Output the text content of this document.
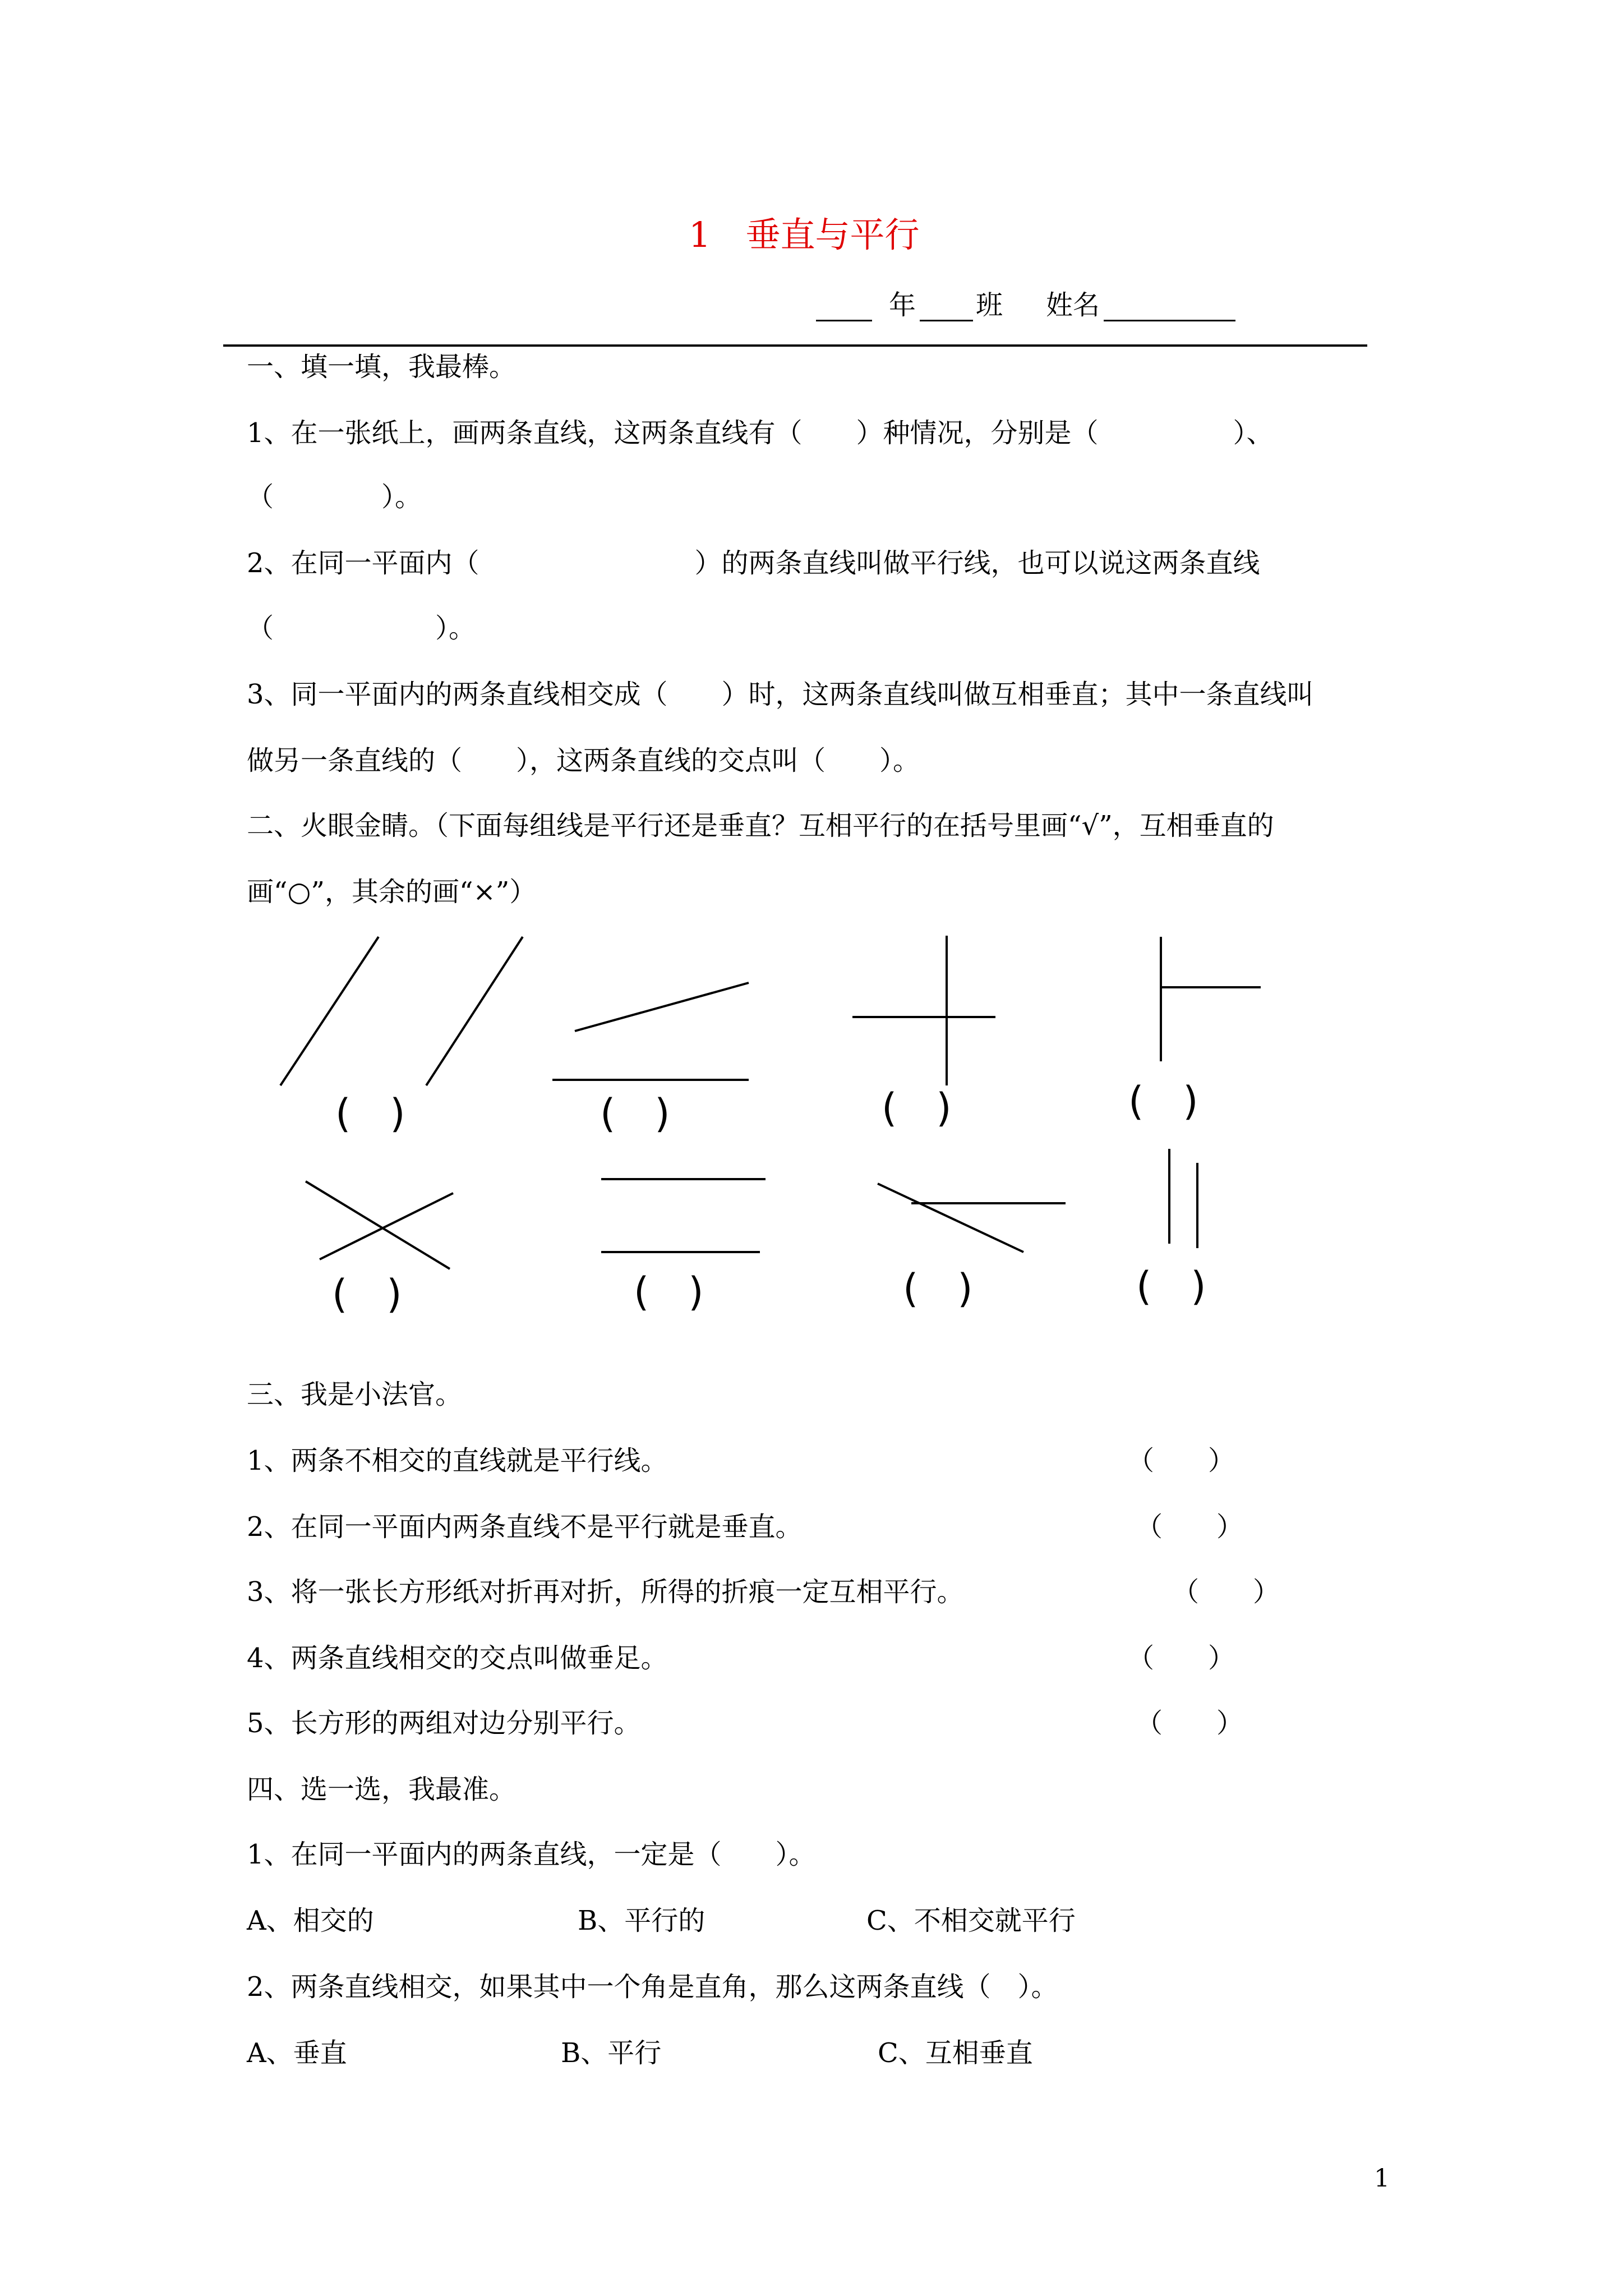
1　垂直与平行
年 班 姓名
一、填一填，我最棒。
1、在一张纸上，画两条直线，这两条直线有（　　）种情况，分别是（　　　　　）、
（　　　　）。
2、在同一平面内（　　　　　　　　）的两条直线叫做平行线，也可以说这两条直线
（　　　　　　）。
3、同一平面内的两条直线相交成（　　）时，这两条直线叫做互相垂直；其中一条直线叫
做另一条直线的（　　），这两条直线的交点叫（　　）。
二、火眼金睛。（下面每组线是平行还是垂直？互相平行的在括号里画“√”，互相垂直的
画“○”，其余的画“×”）
(　)	(　)	(　)	(　)
(　)	(　)	(　)	(　)
三、我是小法官。
1、两条不相交的直线就是平行线。	（　　）
2、在同一平面内两条直线不是平行就是垂直。	（　　）
3、将一张长方形纸对折再对折，所得的折痕一定互相平行。	（　　）
4、两条直线相交的交点叫做垂足。	（　　）
5、长方形的两组对边分别平行。	（　　）
四、选一选，我最准。
1、在同一平面内的两条直线，一定是（　　）。
A、相交的	B、平行的	C、不相交就平行
2、两条直线相交，如果其中一个角是直角，那么这两条直线（　）。
A、垂直	B、平行	C、互相垂直
1
